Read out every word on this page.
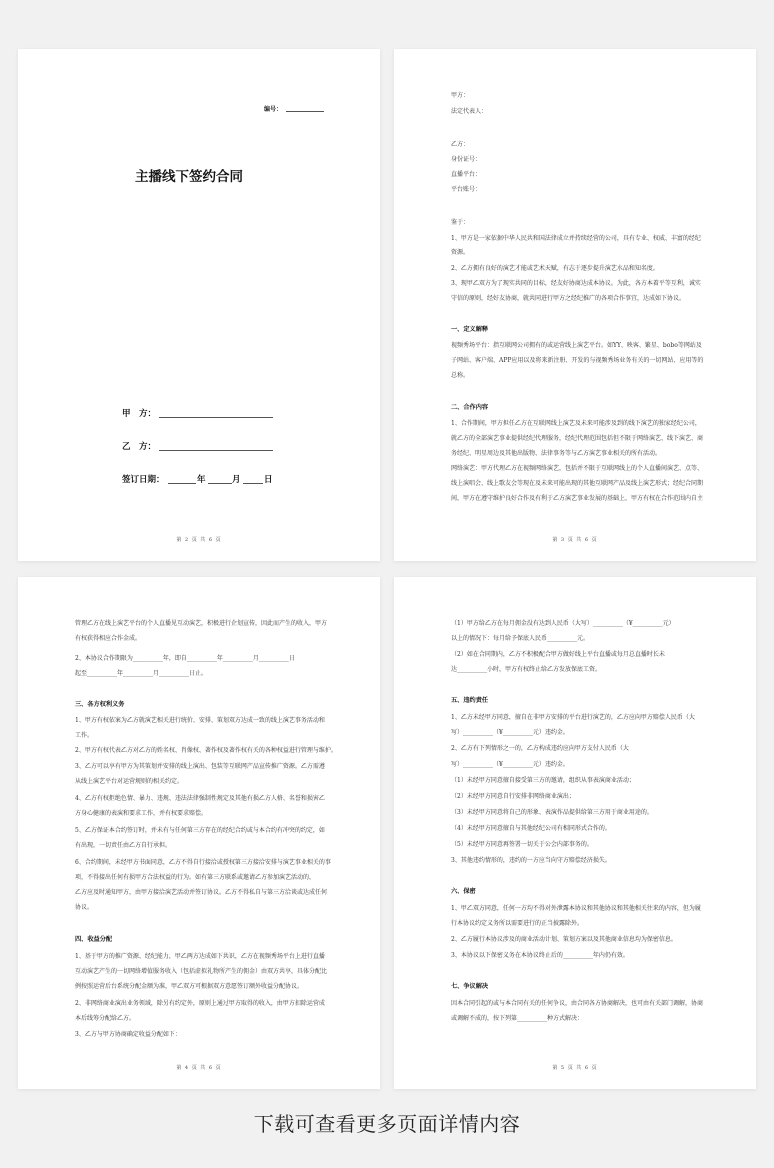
编号：
主播线下签约合同
甲　方：
乙　方：
签订日期：	年	月	日
第 2 页 共 6 页
甲方：
法定代表人：
乙方：
身份证号：
直播平台：
平台账号：
鉴于：
1、甲方是一家依据中华人民共和国法律成立并持续经营的公司，具有专业、权威、丰富的经纪
资源。
2、乙方拥有良好的演艺才能或艺术天赋，有志于逐步提升演艺水品和知名度。
3、现甲乙双方为了现实共同的目标，经友好协商达成本协议。为此，各方本着平等互利，诚实
守信的原则，经好友协商，就共同进行甲方之经纪推广的各项合作事宜，达成如下协议。
一、定义解释
视频秀场平台：指互联网公司拥有的或运营线上演艺平台。如YY、映客、繁星、bobo等网站及
子网站、客户端、APP应用以及将来新注册、开发的与视频秀场业务有关的一切网站、应用等的
总称。
二、合作内容
1、合作期间，甲方担任乙方在互联网线上演艺及未来可能涉及到的线下演艺的独家经纪公司，
就乙方的全部演艺事业提供经纪代理服务，经纪代理范围包括但不限于网络演艺、线下演艺、商
务经纪、明星周边及其他出版物、法律事务等与乙方演艺事业相关的所有活动。
网络演艺：甲方代理乙方在视频网络演艺，包括并不限于互联网线上的个人直播间演艺、点等、
线上演唱会、线上歌友会等现在及未来可能出现的其他互联网产品及线上演艺形式；经纪合同期
间，甲方在遵守维护良好合作及有利于乙方演艺事业发展的基础上，甲方有权在合作范围内自主
第 3 页 共 6 页
管理乙方在线上演艺平台的个人直播见互动演艺，积极进行企划宣传，因此而产生的收入，甲方
有权获得相应合作金成。
2、本协议合作期限为__________年，即自__________年__________月__________日
起至__________年__________月__________日止。
三、各方权利义务
1、甲方有权依案为乙方就演艺相关进行统价、安排、策划双方达成一致的线上演艺事务活动和
工作。
2、甲方有权代表乙方对乙方的姓名权、肖像权、著作权及著作权有关的各种权益进行管理与维护。
3、乙方可以享有甲方为其策划并安排的线上演出、包装等互联网产品宣传推广资源。乙方需遵
从线上演艺平台对运营规则的相关约定。
4、乙方有权拒绝色情、暴力、违规、违法法律强制性规定及其他有损乙方人格、名誉和损害乙
方身心健康的表演和要求工作，并有权要求赔偿。
5、乙方保证本合约签订时，并未有与任何第三方存在的经纪合约或与本合约有冲突的约定，如
有出现，一切责任由乙方自行承担。
6、合约期间，未经甲方书面同意，乙方不得自行接洽或授权第三方接洽安排与演艺事业相关的事
项，不得接出任何有损甲方合法权益的行为。如有第三方联系或邀请乙方参加演艺活动的，
乙方应及时通知甲方，由甲方接洽演艺活动并签订协议。乙方不得私自与第三方洽谈或达成任何
协议。
四、收益分配
1、基于甲方的推广资源、经纪能力，甲乙两方达成如下共识，乙方在视频秀场平台上进行直播
互动演艺产生的一切网络增值服务收入（包括虚拟礼物所产生的佣金）由双方共享，具体分配比
例按照运营后台系统分配金额为准，甲乙双方可根据双方意愿签订额外收益分配协议。
2、非网络商业演出业务领域，除另有约定外，原则上通过甲方取得的收入，由甲方扣除运营成
本后线筹分配给乙方。
3、乙方与甲方协商确定收益分配如下：
第 4 页 共 6 页
（1）甲方给乙方在每月佣金没有达到人民币（大写）__________（¥__________元）
以上的情况下：每月给予保底人民币__________元。
（2）如在合同期内，乙方不积极配合甲方做好线上平台直播或每月总直播时长未
达__________小时，甲方有权终止给乙方发放保底工资。
五、违约责任
1、乙方未经甲方同意，擅自在非甲方安排的平台进行演艺的，乙方应向甲方赔偿人民币（大
写）__________（¥__________元）违约金。
2、乙方有下列情形之一的，乙方构成违约应向甲方支付人民币（大
写）__________（¥__________元）违约金。
（1）未经甲方同意擅自接受第三方的邀请，组织从事表演商业活动；
（2）未经甲方同意自行安排非网络商业演出；
（3）未经甲方同意将自己的形象、表演作品提供给第三方用于商业用途的。
（4）未经甲方同意擅自与其他经纪公司有相同形式合作的。
（5）未经甲方同意再签署一切关于公会内部事务的。
3、其他违约情形的，违约的一方应当向守方赔偿经济损失。
六、保密
1、甲乙双方同意，任何一方均不得对外泄露本协议和其他协议和其他相关往来的内容，但为履
行本协议约定义务所以需要进行的正当披露除外。
2、乙方履行本协议涉及的商业活动计划、策划方案以及其他商业信息均为保密信息。
3、本协议以下保密义务在本协议终止后的__________年内仍有效。
七、争议解决
因本合同引起的或与本合同有关的任何争议，由合同各方协商解决，也可由有关部门调解，协商
或调解不成的，按下列第__________种方式解决：
第 5 页 共 6 页
下载可查看更多页面详情内容
